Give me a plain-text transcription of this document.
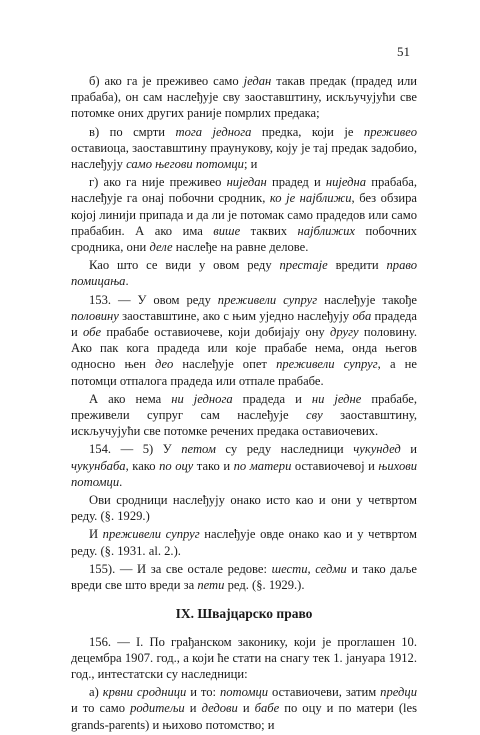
51

б) ако га је преживео само један такав предак (прадед или прабаба), он сам наслеђује сву заоставштину, искључујући све потомке оних других раније помрлих предака;

в) по смрти тога једнога предка, који је преживео оставиоца, заоставштину праунукову, коју је тај предак задобио, наслеђују само његови потомци; и

г) ако га није преживео ниједан прадед и ниједна прабаба, наслеђује га онај побочни сродник, ко је најближи, без обзира којој линији припада и да ли је потомак само прадедов или само прабабин. А ако има више таквих најближих побочних сродника, они деле наслеђе на равне делове.

Као што се види у овом реду престаје вредити право помицања.

153. — У овом реду преживели супруг наслеђује такође половину заоставштине, ако с њим уједно наслеђују оба прадеда и обе прабабе оставиочеве, који добијају ону другу половину. Ако пак кога прадеда или које прабабе нема, онда његов односно њен део наслеђује опет преживели супруг, а не потомци отпалога прадеда или отпале прабабе.

А ако нема ни једнога прадеда и ни једне прабабе, преживели супруг сам наслеђује сву заоставштину, искључујући све потомке речених предака оставиочевих.

154. — 5) У петом су реду наследници чукундед и чукунбаба, како по оцу тако и по матери оставиочевој и њихови потомци.

Ови сродници наслеђују онако исто као и они у четвртом реду. (§. 1929.)

И преживели супруг наслеђује овде онако као и у четвртом реду. (§. 1931. al. 2.).

155). — И за све остале редове: шести, седми и тако даље вреди све што вреди за пети ред. (§. 1929.).

IX. Швајцарско право

156. — I. По грађанском законику, који је проглашен 10. децембра 1907. год., а који ће стати на снагу тек 1. јануара 1912. год., интестатски су наследници:

а) крвни сродници и то: потомци оставиочеви, затим предци и то само родитељи и дедови и бабе по оцу и по матери (les grands-parents) и њихово потомство; и
